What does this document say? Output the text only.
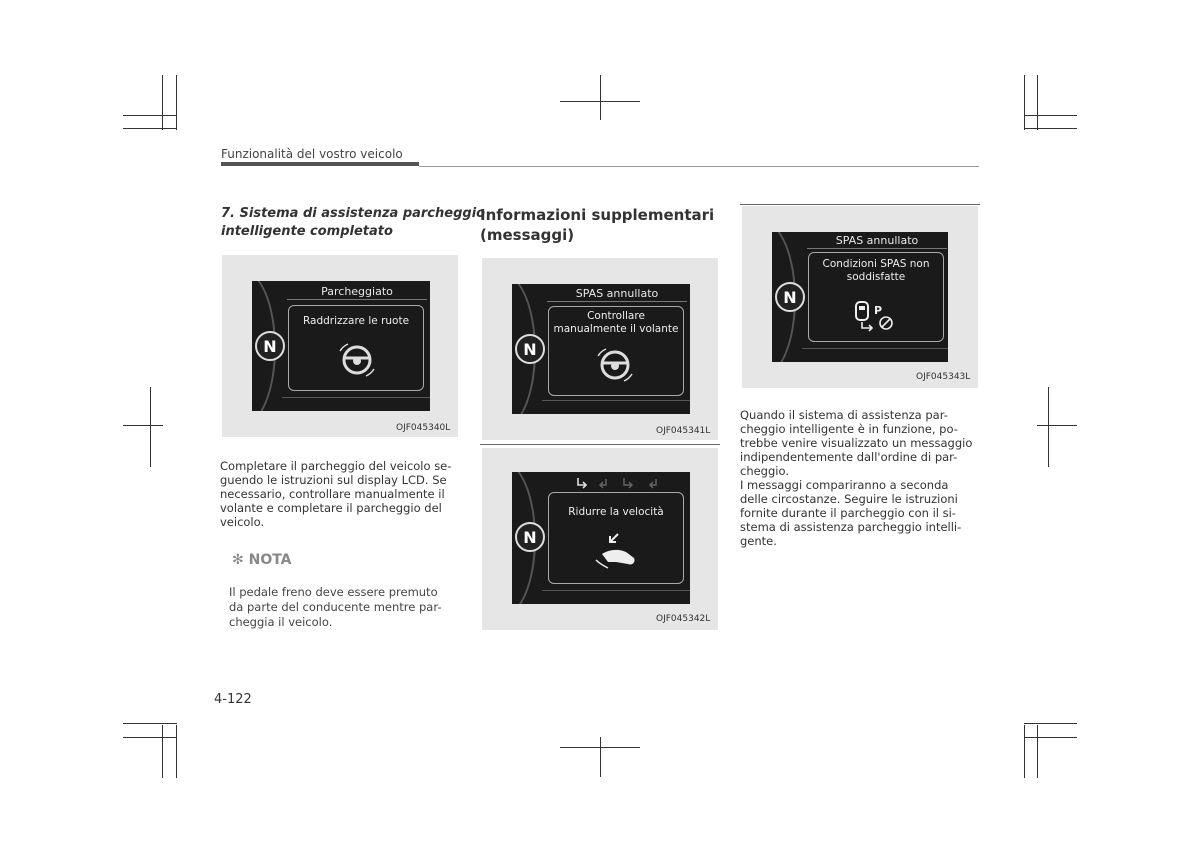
Funzionalità del vostro veicolo
7. Sistema di assistenza parcheggio
intelligente completato
N
Parcheggiato
Raddrizzare le ruote
OJF045340L
Completare il parcheggio del veicolo se-
guendo le istruzioni sul display LCD. Se
necessario, controllare manualmente il
volante e completare il parcheggio del
veicolo.
✻ NOTA
Il pedale freno deve essere premuto
da parte del conducente mentre par-
cheggia il veicolo.
Informazioni supplementari
(messaggi)
N
SPAS annullato
Controllare
manualmente il volante
OJF045341L
N
Ridurre la velocità
OJF045342L
N
SPAS annullato
Condizioni SPAS non
soddisfatte
P
OJF045343L
Quando il sistema di assistenza par-
cheggio intelligente è in funzione, po-
trebbe venire visualizzato un messaggio
indipendentemente dall'ordine di par-
cheggio.
I messaggi compariranno a seconda
delle circostanze. Seguire le istruzioni
fornite durante il parcheggio con il si-
stema di assistenza parcheggio intelli-
gente.
4-122
